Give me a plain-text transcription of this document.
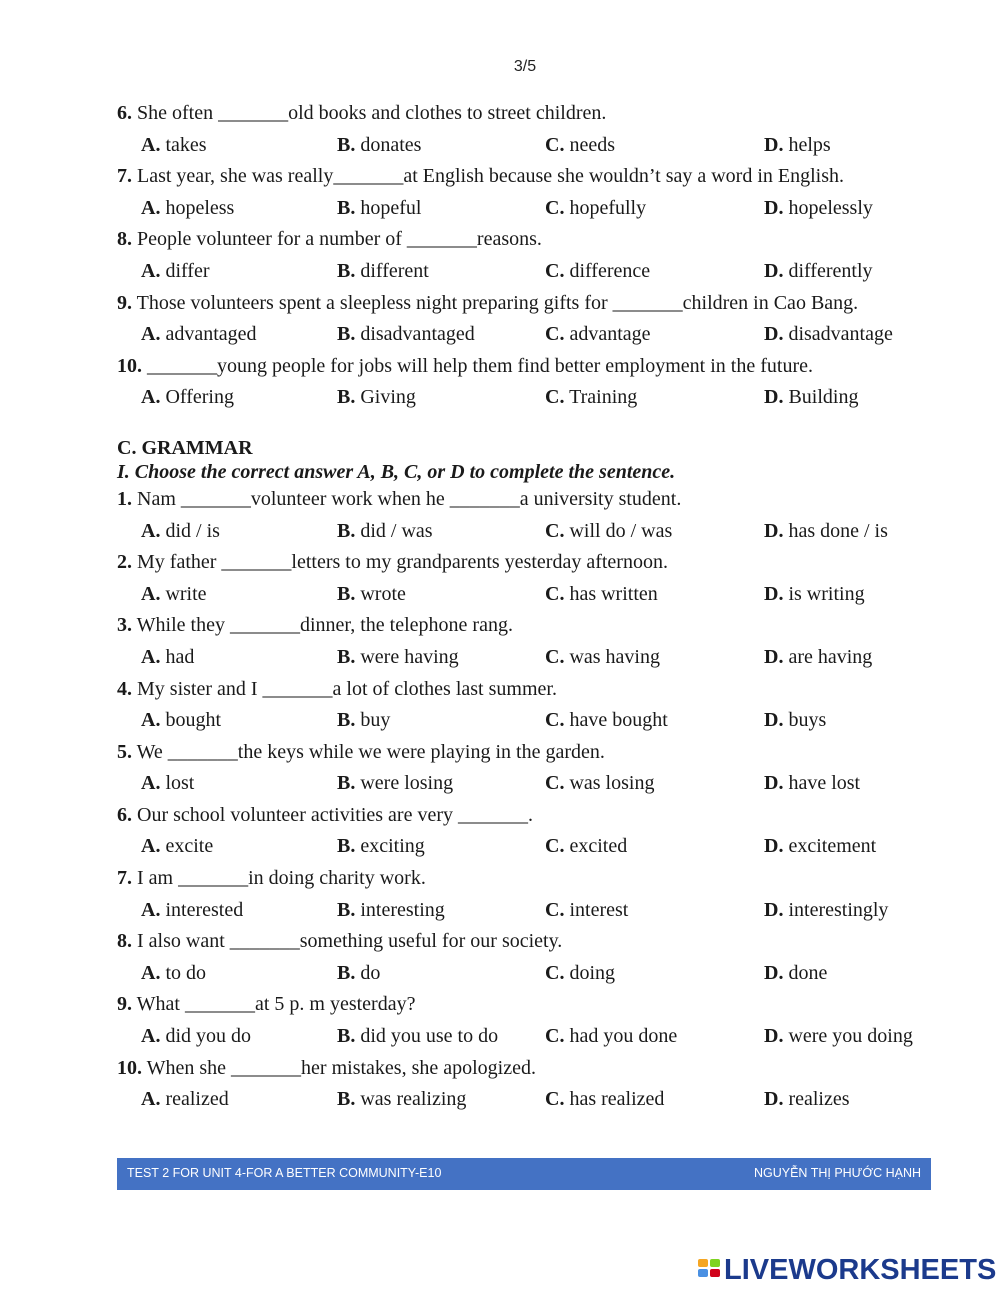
3/5
6. She often _______old books and clothes to street children.
A. takes	B. donates	C. needs	D. helps
7. Last year, she was really_______at English because she wouldn’t say a word in English.
A. hopeless	B. hopeful	C. hopefully	D. hopelessly
8. People volunteer for a number of _______reasons.
A. differ	B. different	C. difference	D. differently
9. Those volunteers spent a sleepless night preparing gifts for _______children in Cao Bang.
A. advantaged	B. disadvantaged	C. advantage	D. disadvantage
10. _______young people for jobs will help them find better employment in the future.
A. Offering	B. Giving	C. Training	D. Building
C. GRAMMAR
I. Choose the correct answer A, B, C, or D to complete the sentence.
1. Nam _______volunteer work when he _______a university student.
A. did / is	B. did / was	C. will do / was	D. has done / is
2. My father _______letters to my grandparents yesterday afternoon.
A. write	B. wrote	C. has written	D. is writing
3. While they _______dinner, the telephone rang.
A. had	B. were having	C. was having	D. are having
4. My sister and I _______a lot of clothes last summer.
A. bought	B. buy	C. have bought	D. buys
5. We _______the keys while we were playing in the garden.
A. lost	B. were losing	C. was losing	D. have lost
6. Our school volunteer activities are very _______.
A. excite	B. exciting	C. excited	D. excitement
7. I am _______in doing charity work.
A. interested	B. interesting	C. interest	D. interestingly
8. I also want _______something useful for our society.
A. to do	B. do	C. doing	D. done
9. What _______at 5 p. m yesterday?
A. did you do	B. did you use to do C. had you done	D. were you doing
10. When she _______her mistakes, she apologized.
A. realized	B. was realizing	C. has realized	D. realizes
TEST 2 FOR UNIT 4-FOR A BETTER COMMUNITY-E10	NGUYỄN THỊ PHƯỚC HẠNH
LIVEWORKSHEETS
